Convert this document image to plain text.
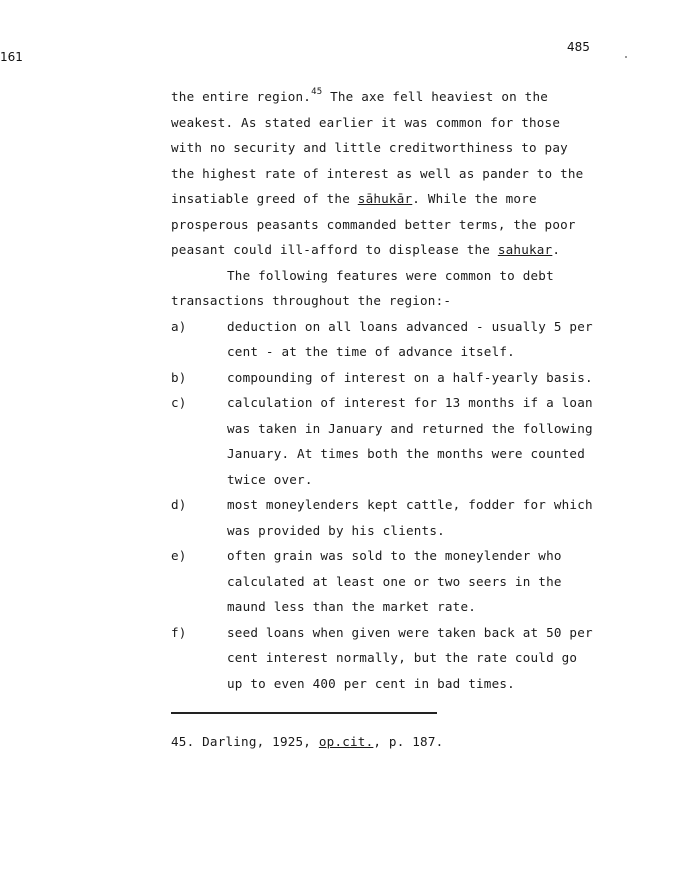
161
485
the entire region.$^{45}$ The axe fell heaviest on the
weakest. As stated earlier it was common for those
with no security and little creditworthiness to pay
the highest rate of interest as well as pander to the
insatiable greed of the sāhukār. While the more
prosperous peasants commanded better terms, the poor
peasant could ill-afford to displease the sahukar.
The following features were common to debt
transactions throughout the region:-
a)	deduction on all loans advanced - usually 5 per
cent - at the time of advance itself.
b)	compounding of interest on a half-yearly basis.
c)	calculation of interest for 13 months if a loan
was taken in January and returned the following
January. At times both the months were counted
twice over.
d)	most moneylenders kept cattle, fodder for which
was provided by his clients.
e)	often grain was sold to the moneylender who
calculated at least one or two seers in the
maund less than the market rate.
f)	seed loans when given were taken back at 50 per
cent interest normally, but the rate could go
up to even 400 per cent in bad times.
45. Darling, 1925, op.cit., p. 187.
